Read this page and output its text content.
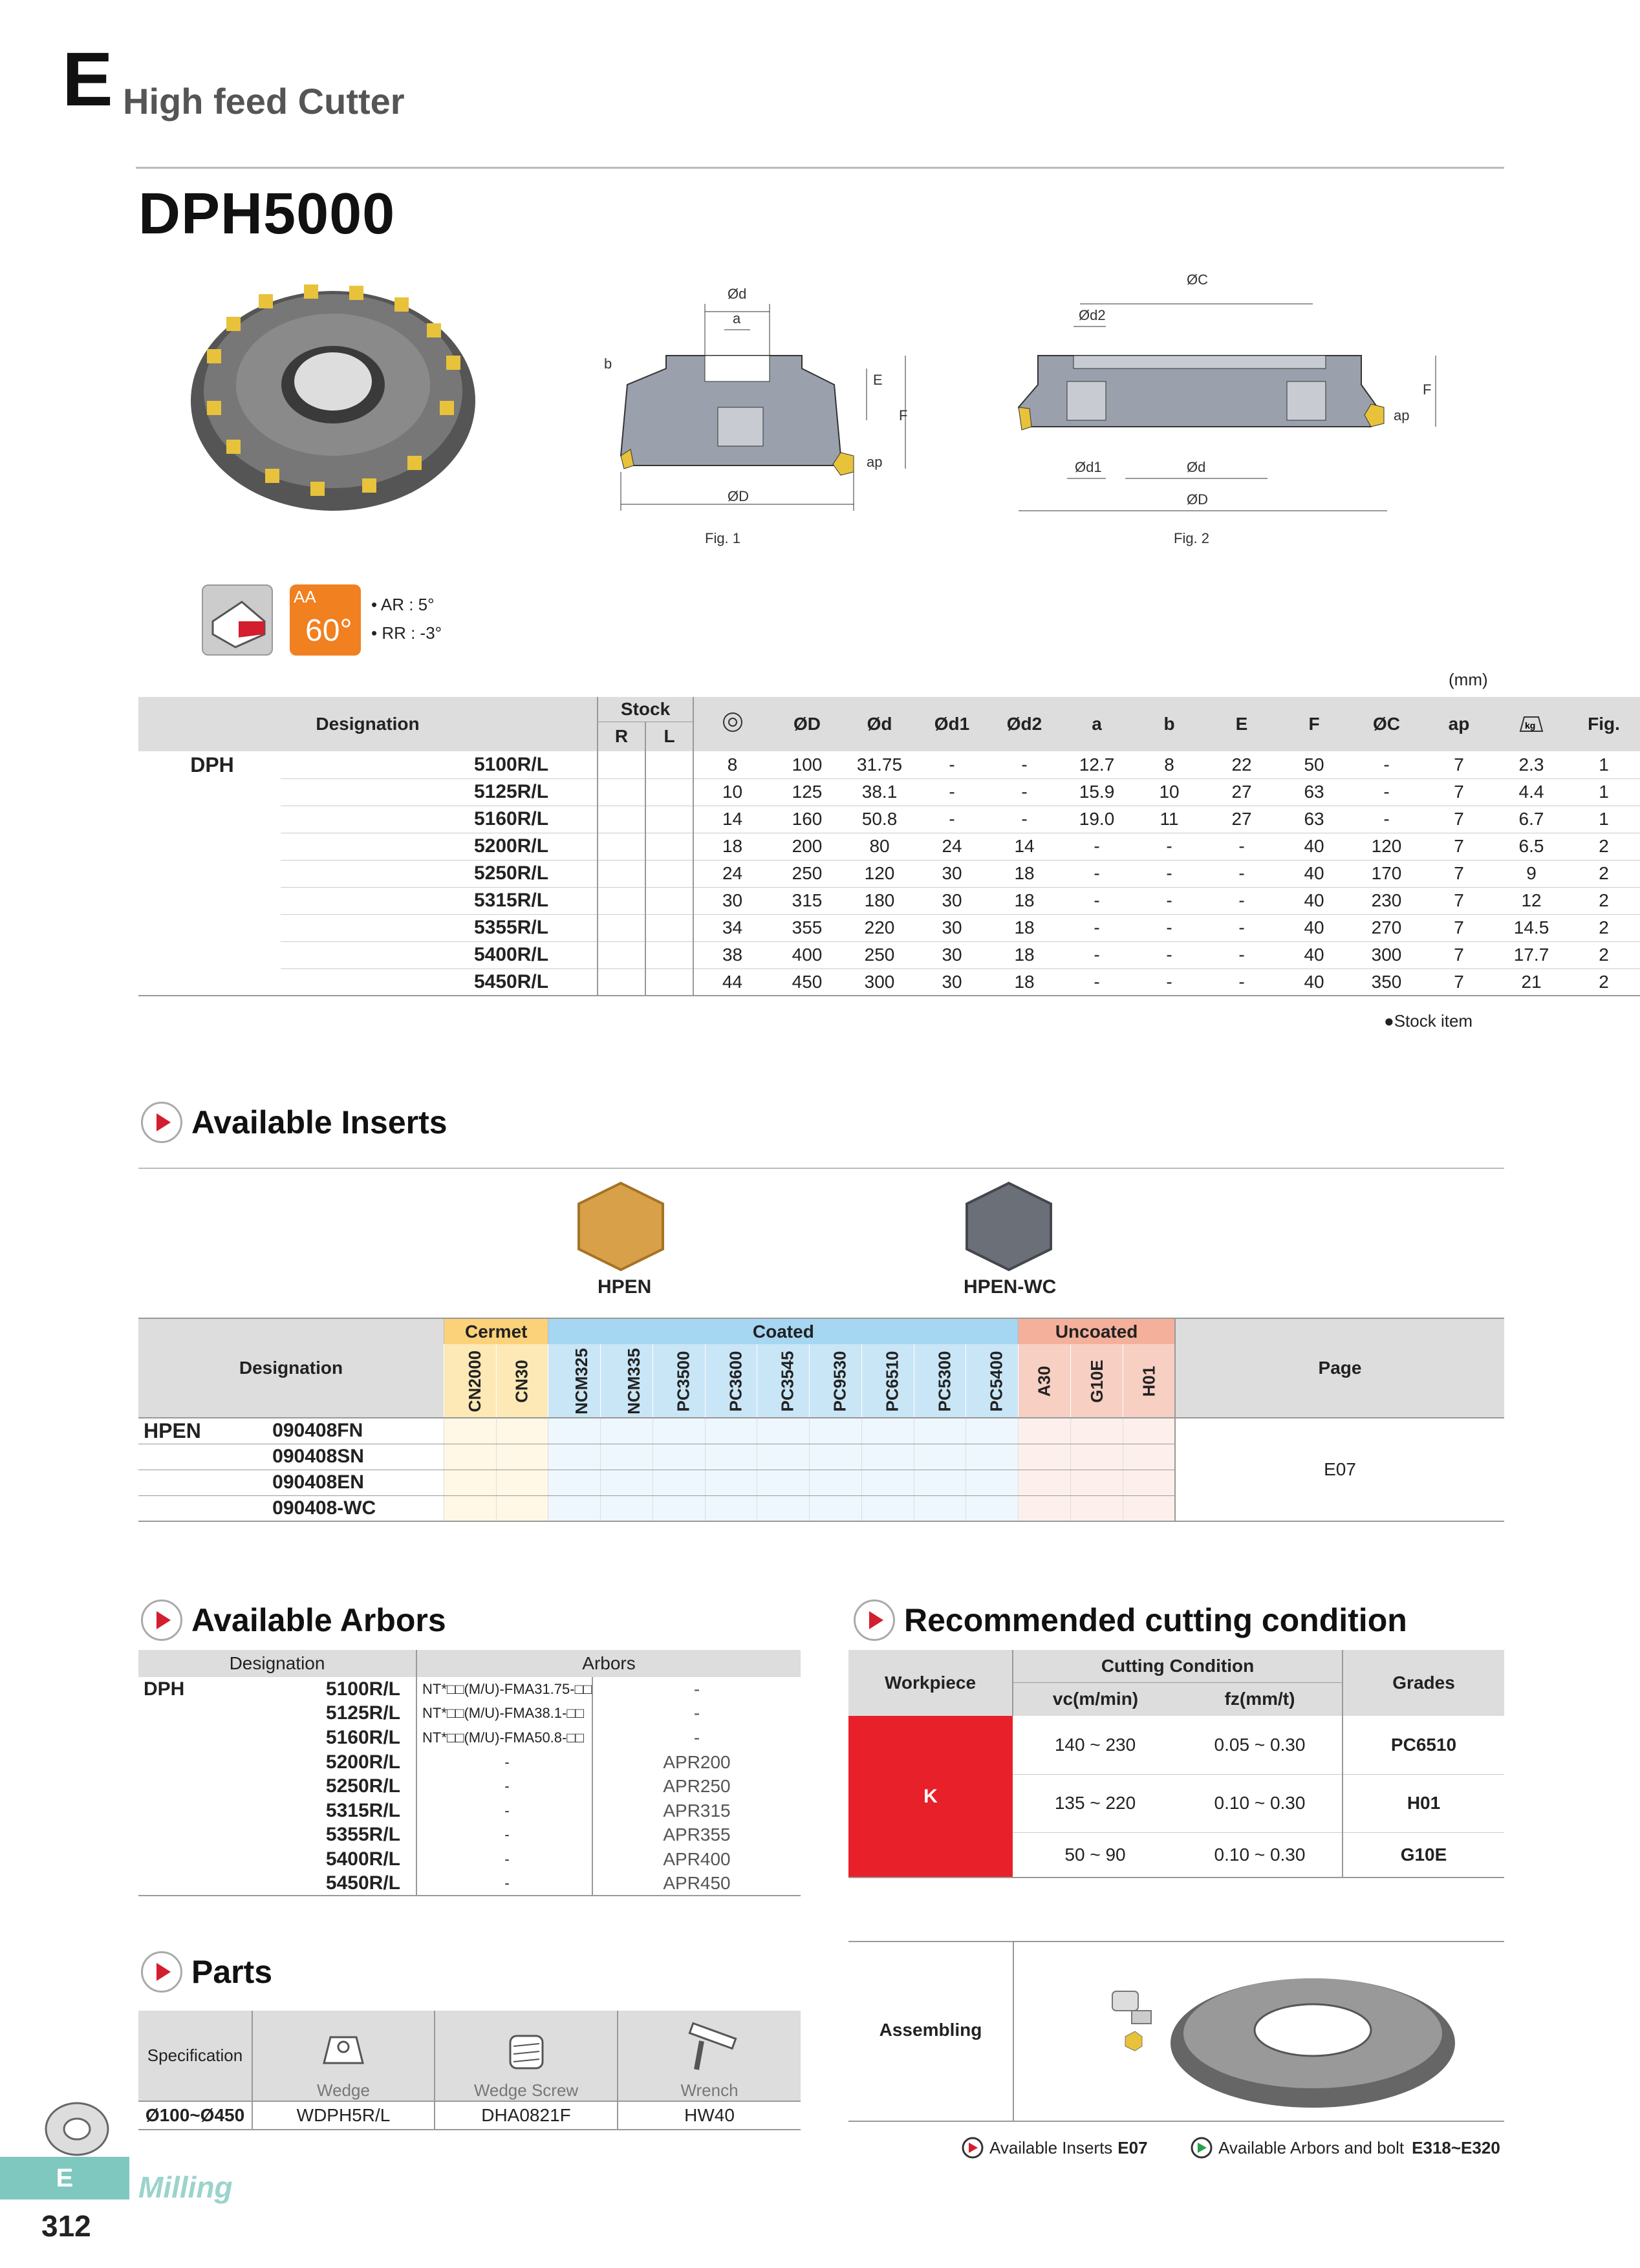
E High feed Cutter
DPH5000
Ød
a
b
E
F
ap
ØD
Fig. 1
ØC
Ød2
F
ap
Ød1	Ød
ØD
Fig. 2
AA
60°
• AR : 5°
• RR : -3°
(mm)
Designation		Stock			ØD	Ød	Ød1	Ød2	a	b	E	F	ØC	ap	kg	Fig.
		R	L													
DPH	5100R/L			8	100	31.75	-	-	12.7	8	22	50	-	7	2.3	1
	5125R/L			10	125	38.1	-	-	15.9	10	27	63	-	7	4.4	1
	5160R/L			14	160	50.8	-	-	19.0	11	27	63	-	7	6.7	1
	5200R/L			18	200	80	24	14	-	-	-	40	120	7	6.5	2
	5250R/L			24	250	120	30	18	-	-	-	40	170	7	9	2
	5315R/L			30	315	180	30	18	-	-	-	40	230	7	12	2
	5355R/L			34	355	220	30	18	-	-	-	40	270	7	14.5	2
	5400R/L			38	400	250	30	18	-	-	-	40	300	7	17.7	2
	5450R/L			44	450	300	30	18	-	-	-	40	350	7	21	2
●Stock item
Available Inserts
HPEN	HPEN-WC
Designation		Cermet		Coated									Uncoated			Page
		CN2000	CN30	NCM325	NCM335	PC3500	PC3600	PC3545	PC9530	PC6510	PC5300	PC5400	A30	G10E	H01	
HPEN	090408FN															E07
	090408SN															
	090408EN															
	090408-WC															
Available Arbors
Designation		Arbors	
DPH	5100R/L	NT*□□(M/U)-FMA31.75-□□	-
	5125R/L	NT*□□(M/U)-FMA38.1-□□	-
	5160R/L	NT*□□(M/U)-FMA50.8-□□	-
	5200R/L	-	APR200
	5250R/L	-	APR250
	5315R/L	-	APR315
	5355R/L	-	APR355
	5400R/L	-	APR400
	5450R/L	-	APR450
Parts
Specification	Wedge	Wedge Screw	Wrench

Ø100~Ø450	WDPH5R/L	DHA0821F	HW40
Recommended cutting condition
Workpiece	Cutting Condition		Grades
	vc(m/min)	fz(mm/t)	
K	140 ~ 230	0.05 ~ 0.30	PC6510
	135 ~ 220	0.10 ~ 0.30	H01
	50 ~ 90	0.10 ~ 0.30	G10E
Assembling
Available Inserts E07	Available Arbors and bolt E318~E320
E	Milling
312
